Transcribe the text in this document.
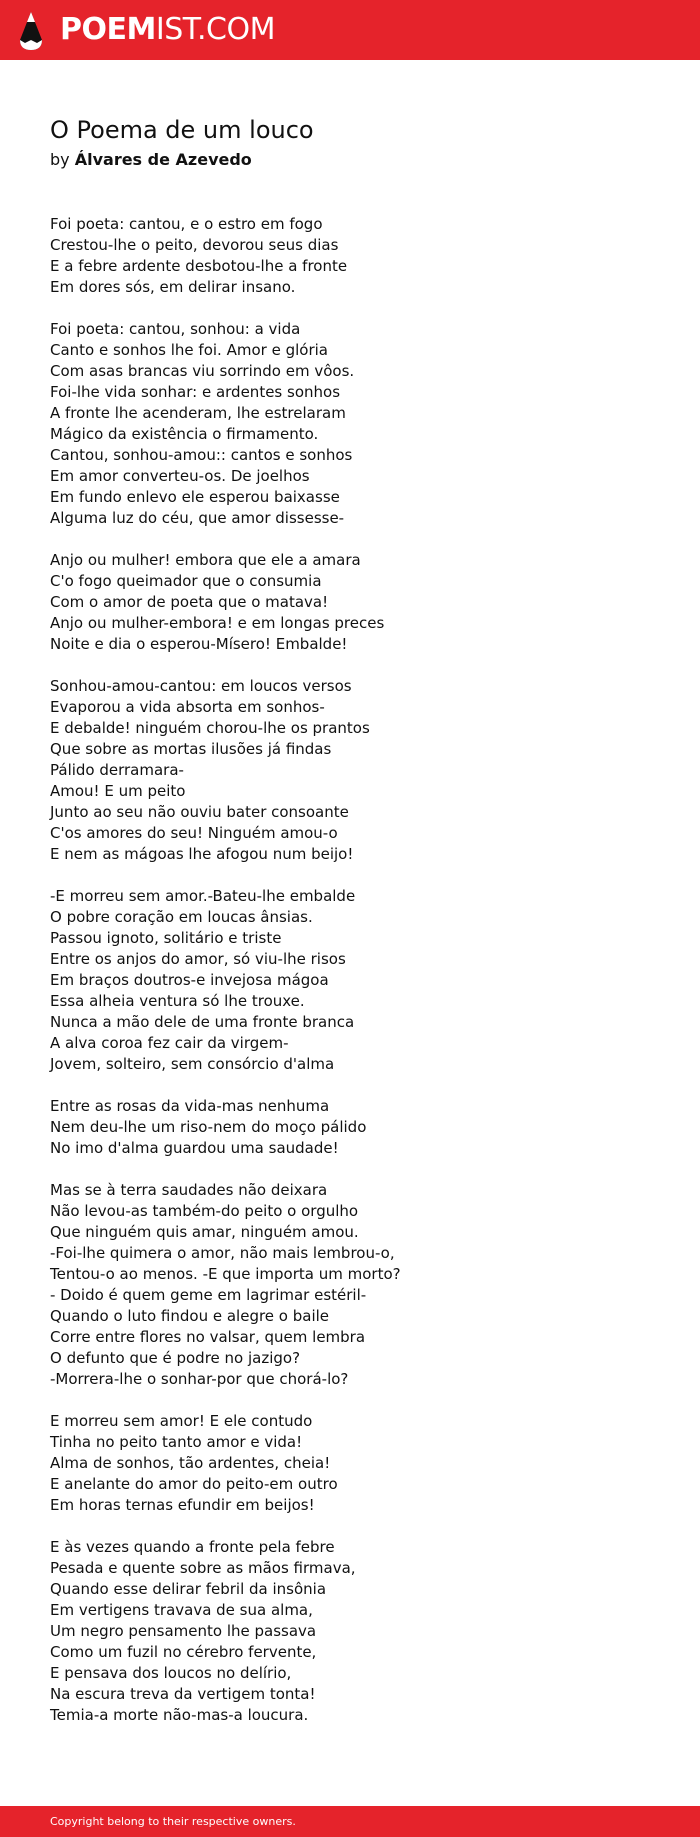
POEMIST.COM
O Poema de um louco

by Álvares de Azevedo

Foi poeta: cantou, e o estro em fogo
Crestou-lhe o peito, devorou seus dias
E a febre ardente desbotou-lhe a fronte
Em dores sós, em delirar insano.

Foi poeta: cantou, sonhou: a vida
Canto e sonhos lhe foi. Amor e glória
Com asas brancas viu sorrindo em vôos.
Foi-lhe vida sonhar: e ardentes sonhos
A fronte lhe acenderam, lhe estrelaram
Mágico da existência o firmamento.
Cantou, sonhou-amou:: cantos e sonhos
Em amor converteu-os. De joelhos
Em fundo enlevo ele esperou baixasse
Alguma luz do céu, que amor dissesse-

Anjo ou mulher! embora que ele a amara
C'o fogo queimador que o consumia
Com o amor de poeta que o matava!
Anjo ou mulher-embora! e em longas preces
Noite e dia o esperou-Mísero! Embalde!

Sonhou-amou-cantou: em loucos versos
Evaporou a vida absorta em sonhos-
E debalde! ninguém chorou-lhe os prantos
Que sobre as mortas ilusões já findas
Pálido derramara-
Amou! E um peito
Junto ao seu não ouviu bater consoante
C'os amores do seu! Ninguém amou-o
E nem as mágoas lhe afogou num beijo!

-E morreu sem amor.-Bateu-lhe embalde
O pobre coração em loucas ânsias.
Passou ignoto, solitário e triste
Entre os anjos do amor, só viu-lhe risos
Em braços doutros-e invejosa mágoa
Essa alheia ventura só lhe trouxe.
Nunca a mão dele de uma fronte branca
A alva coroa fez cair da virgem-
Jovem, solteiro, sem consórcio d'alma

Entre as rosas da vida-mas nenhuma
Nem deu-lhe um riso-nem do moço pálido
No imo d'alma guardou uma saudade!

Mas se à terra saudades não deixara
Não levou-as também-do peito o orgulho
Que ninguém quis amar, ninguém amou.
-Foi-lhe quimera o amor, não mais lembrou-o,
Tentou-o ao menos. -E que importa um morto?
- Doido é quem geme em lagrimar estéril-
Quando o luto findou e alegre o baile
Corre entre flores no valsar, quem lembra
O defunto que é podre no jazigo?
-Morrera-lhe o sonhar-por que chorá-lo?

E morreu sem amor! E ele contudo
Tinha no peito tanto amor e vida!
Alma de sonhos, tão ardentes, cheia!
E anelante do amor do peito-em outro
Em horas ternas efundir em beijos!

E às vezes quando a fronte pela febre
Pesada e quente sobre as mãos firmava,
Quando esse delirar febril da insônia
Em vertigens travava de sua alma,
Um negro pensamento lhe passava
Como um fuzil no cérebro fervente,
E pensava dos loucos no delírio,
Na escura treva da vertigem tonta!
Temia-a morte não-mas-a loucura.

Copyright belong to their respective owners.
